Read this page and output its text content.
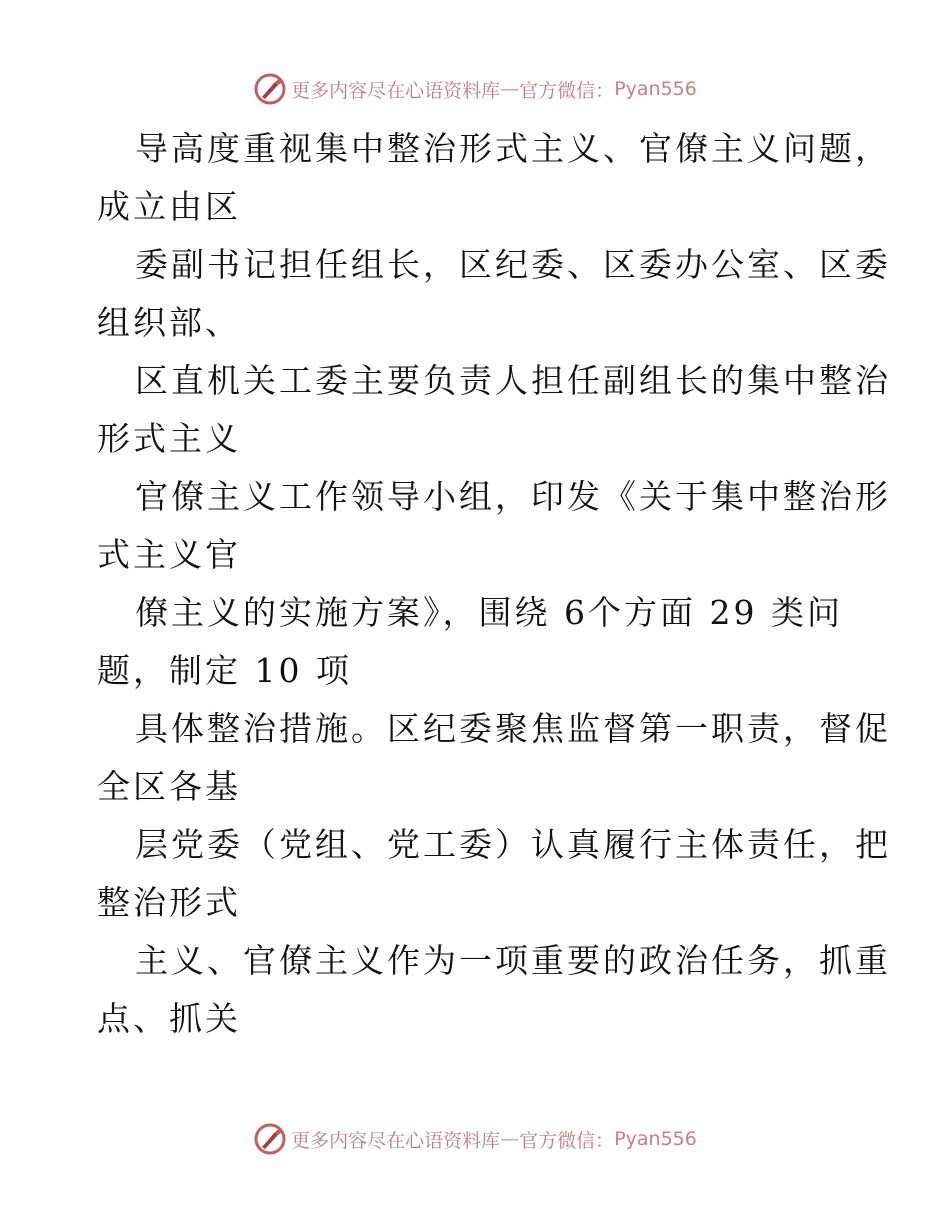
更多内容尽在心语资料库 — 官方微信： Pyan556
导高度重视集中整治形式主义、官僚主义问题，
成立由区
委副书记担任组长，区纪委、区委办公室、区委
组织部、
区直机关工委主要负责人担任副组长的集中整治
形式主义
官僚主义工作领导小组，印发《关于集中整治形
式主义官
僚主义的实施方案》，围绕 6个方面 29 类问
题，制定 10 项
具体整治措施。区纪委聚焦监督第一职责，督促
全区各基
层党委（党组、党工委）认真履行主体责任，把
整治形式
主义、官僚主义作为一项重要的政治任务，抓重
点、抓关
更多内容尽在心语资料库 — 官方微信： Pyan556
